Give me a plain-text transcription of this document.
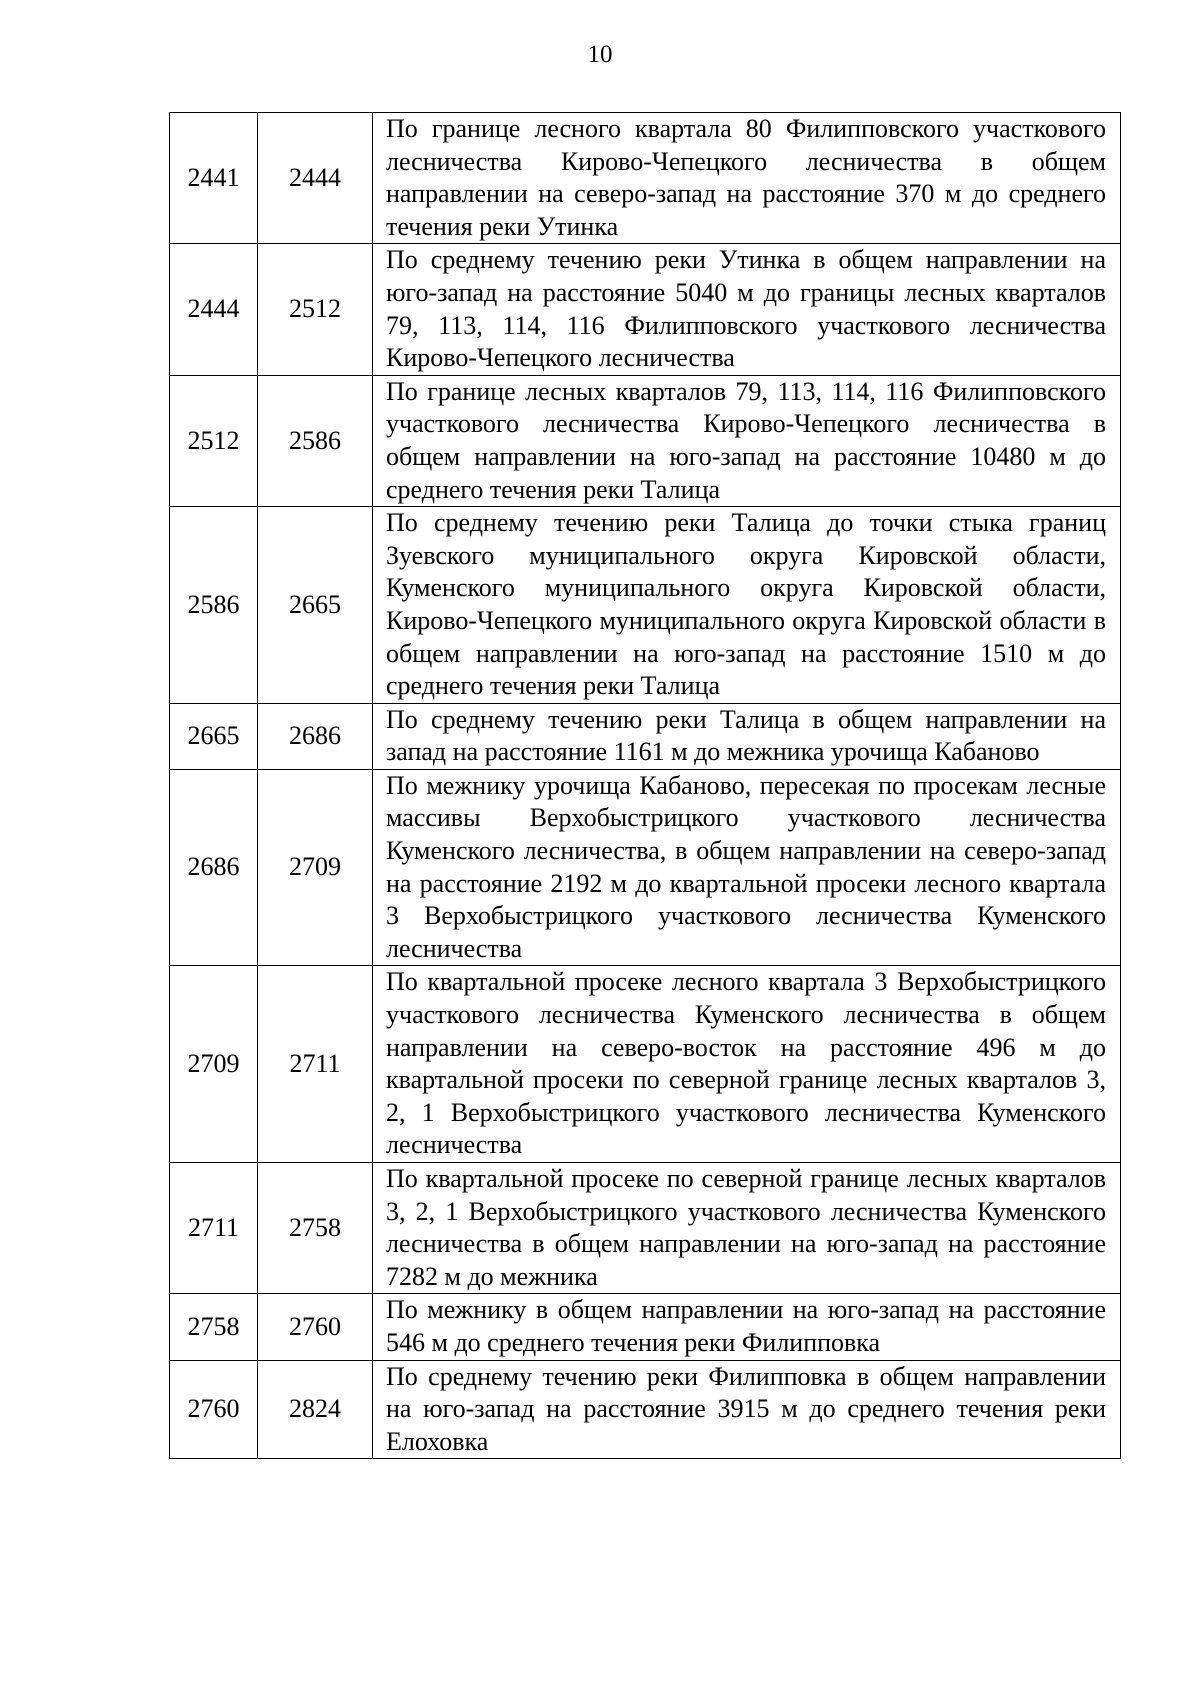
10
2441	2444	По границе лесного квартала 80 Филипповского участкового лесничества Кирово-Чепецкого лесничества в общем направлении на северо-запад на расстояние 370 м до среднего течения реки Утинка
2444	2512	По среднему течению реки Утинка в общем направлении на юго-запад на расстояние 5040 м до границы лесных кварталов 79, 113, 114, 116 Филипповского участкового лесничества Кирово-Чепецкого лесничества
2512	2586	По границе лесных кварталов 79, 113, 114, 116 Филипповского участкового лесничества Кирово-Чепецкого лесничества в общем направлении на юго-запад на расстояние 10480 м до среднего течения реки Талица
2586	2665	По среднему течению реки Талица до точки стыка границ Зуевского муниципального округа Кировской области, Куменского муниципального округа Кировской области, Кирово-Чепецкого муниципального округа Кировской области в общем направлении на юго-запад на расстояние 1510 м до среднего течения реки Талица
2665	2686	По среднему течению реки Талица в общем направлении на запад на расстояние 1161 м до межника урочища Кабаново
2686	2709	По межнику урочища Кабаново, пересекая по просекам лесные массивы Верхобыстрицкого участкового лесничества Куменского лесничества, в общем направлении на северо-запад на расстояние 2192 м до квартальной просеки лесного квартала 3 Верхобыстрицкого участкового лесничества Куменского лесничества
2709	2711	По квартальной просеке лесного квартала 3 Верхобыстрицкого участкового лесничества Куменского лесничества в общем направлении на северо-восток на расстояние 496 м до квартальной просеки по северной границе лесных кварталов 3, 2, 1 Верхобыстрицкого участкового лесничества Куменского лесничества
2711	2758	По квартальной просеке по северной границе лесных кварталов 3, 2, 1 Верхобыстрицкого участкового лесничества Куменского лесничества в общем направлении на юго-запад на расстояние 7282 м до межника
2758	2760	По межнику в общем направлении на юго-запад на расстояние 546 м до среднего течения реки Филипповка
2760	2824	По среднему течению реки Филипповка в общем направлении на юго-запад на расстояние 3915 м до среднего течения реки Елоховка
